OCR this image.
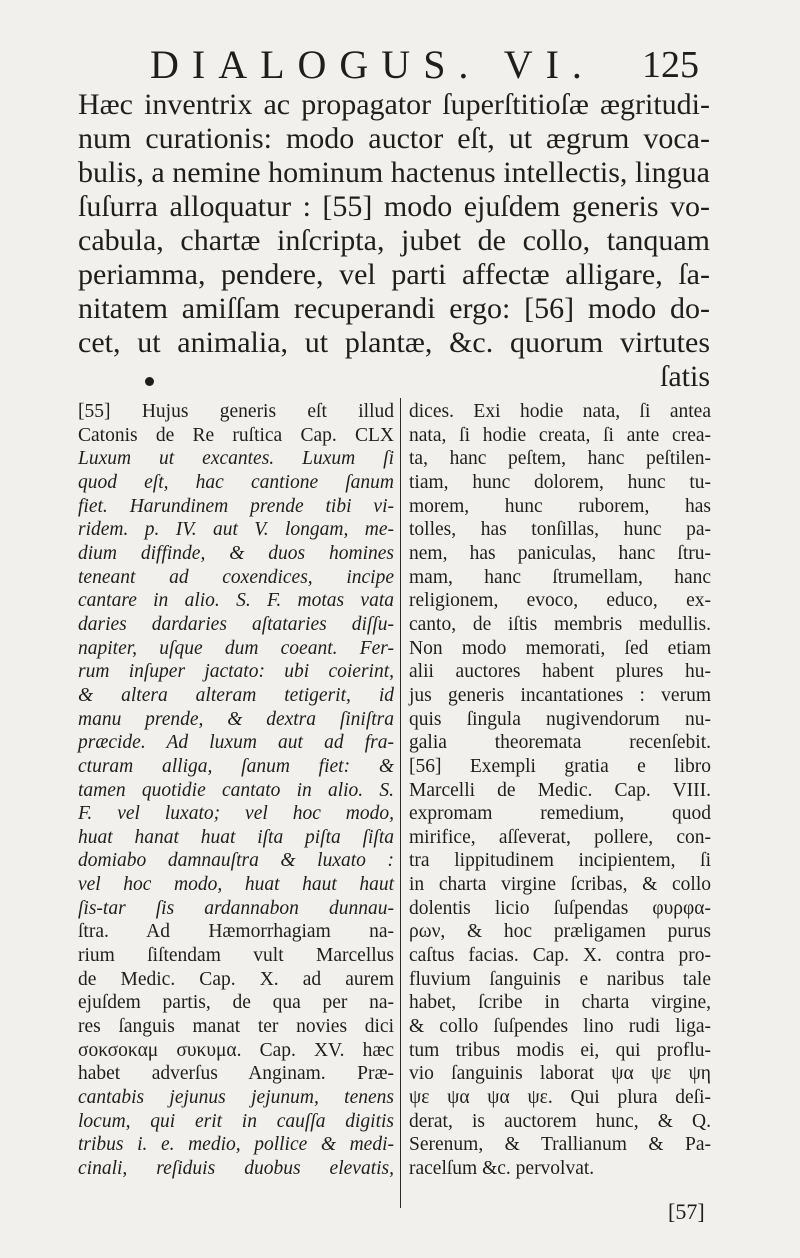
DIALOGUS. VI. 125
Hæc inventrix ac propagator ſuperſtitioſæ ægritudi-
num curationis: modo auctor eſt, ut ægrum voca-
bulis, a nemine hominum hactenus intellectis, lingua
ſuſurra alloquatur : [55] modo ejuſdem generis vo-
cabula, chartæ inſcripta, jubet de collo, tanquam
periamma, pendere, vel parti affectæ alligare, ſa-
nitatem amiſſam recuperandi ergo: [56] modo do-
cet, ut animalia, ut plantæ, &c. quorum virtutes
ſatis
[55] Hujus generis eſt illud
Catonis de Re ruſtica Cap. CLX
Luxum ut excantes. Luxum ſi
quod eſt, hac cantione ſanum
fiet. Harundinem prende tibi vi-
ridem. p. IV. aut V. longam, me-
dium diffinde, & duos homines
teneant ad coxendices, incipe
cantare in alio. S. F. motas vata
daries dardaries aſtataries diſſu-
napiter, uſque dum coeant. Fer-
rum inſuper jactato: ubi coierint,
& altera alteram tetigerit, id
manu prende, & dextra ſiniſtra
præcide. Ad luxum aut ad fra-
cturam alliga, ſanum fiet: &
tamen quotidie cantato in alio. S.
F. vel luxato; vel hoc modo,
huat hanat huat iſta piſta ſiſta
domiabo damnauſtra & luxato :
vel hoc modo, huat haut haut
ſis-tar ſis ardannabon dunnau-
ſtra. Ad Hæmorrhagiam na-
rium ſiſtendam vult Marcellus
de Medic. Cap. X. ad aurem
ejuſdem partis, de qua per na-
res ſanguis manat ter novies dici
σοκσοκαμ συκυμα. Cap. XV. hæc
habet adverſus Anginam. Præ-
cantabis jejunus jejunum, tenens
locum, qui erit in cauſſa digitis
tribus i. e. medio, pollice & medi-
cinali, reſiduis duobus elevatis,
dices. Exi hodie nata, ſi antea
nata, ſi hodie creata, ſi ante crea-
ta, hanc peſtem, hanc peſtilen-
tiam, hunc dolorem, hunc tu-
morem, hunc ruborem, has
tolles, has tonſillas, hunc pa-
nem, has paniculas, hanc ſtru-
mam, hanc ſtrumellam, hanc
religionem, evoco, educo, ex-
canto, de iſtis membris medullis.
Non modo memorati, ſed etiam
alii auctores habent plures hu-
jus generis incantationes : verum
quis ſingula nugivendorum nu-
galia theoremata recenſebit.
[56] Exempli gratia e libro
Marcelli de Medic. Cap. VIII.
expromam remedium, quod
mirifice, aſſeverat, pollere, con-
tra lippitudinem incipientem, ſi
in charta virgine ſcribas, & collo
dolentis licio ſuſpendas φυρφα-
ρων, & hoc præligamen purus
caſtus facias. Cap. X. contra pro-
fluvium ſanguinis e naribus tale
habet, ſcribe in charta virgine,
& collo ſuſpendes lino rudi liga-
tum tribus modis ei, qui proflu-
vio ſanguinis laborat ψα ψε ψη
ψε ψα ψα ψε. Qui plura deſi-
derat, is auctorem hunc, & Q.
Serenum, & Trallianum & Pa-
racelſum &c. pervolvat.
[57]
